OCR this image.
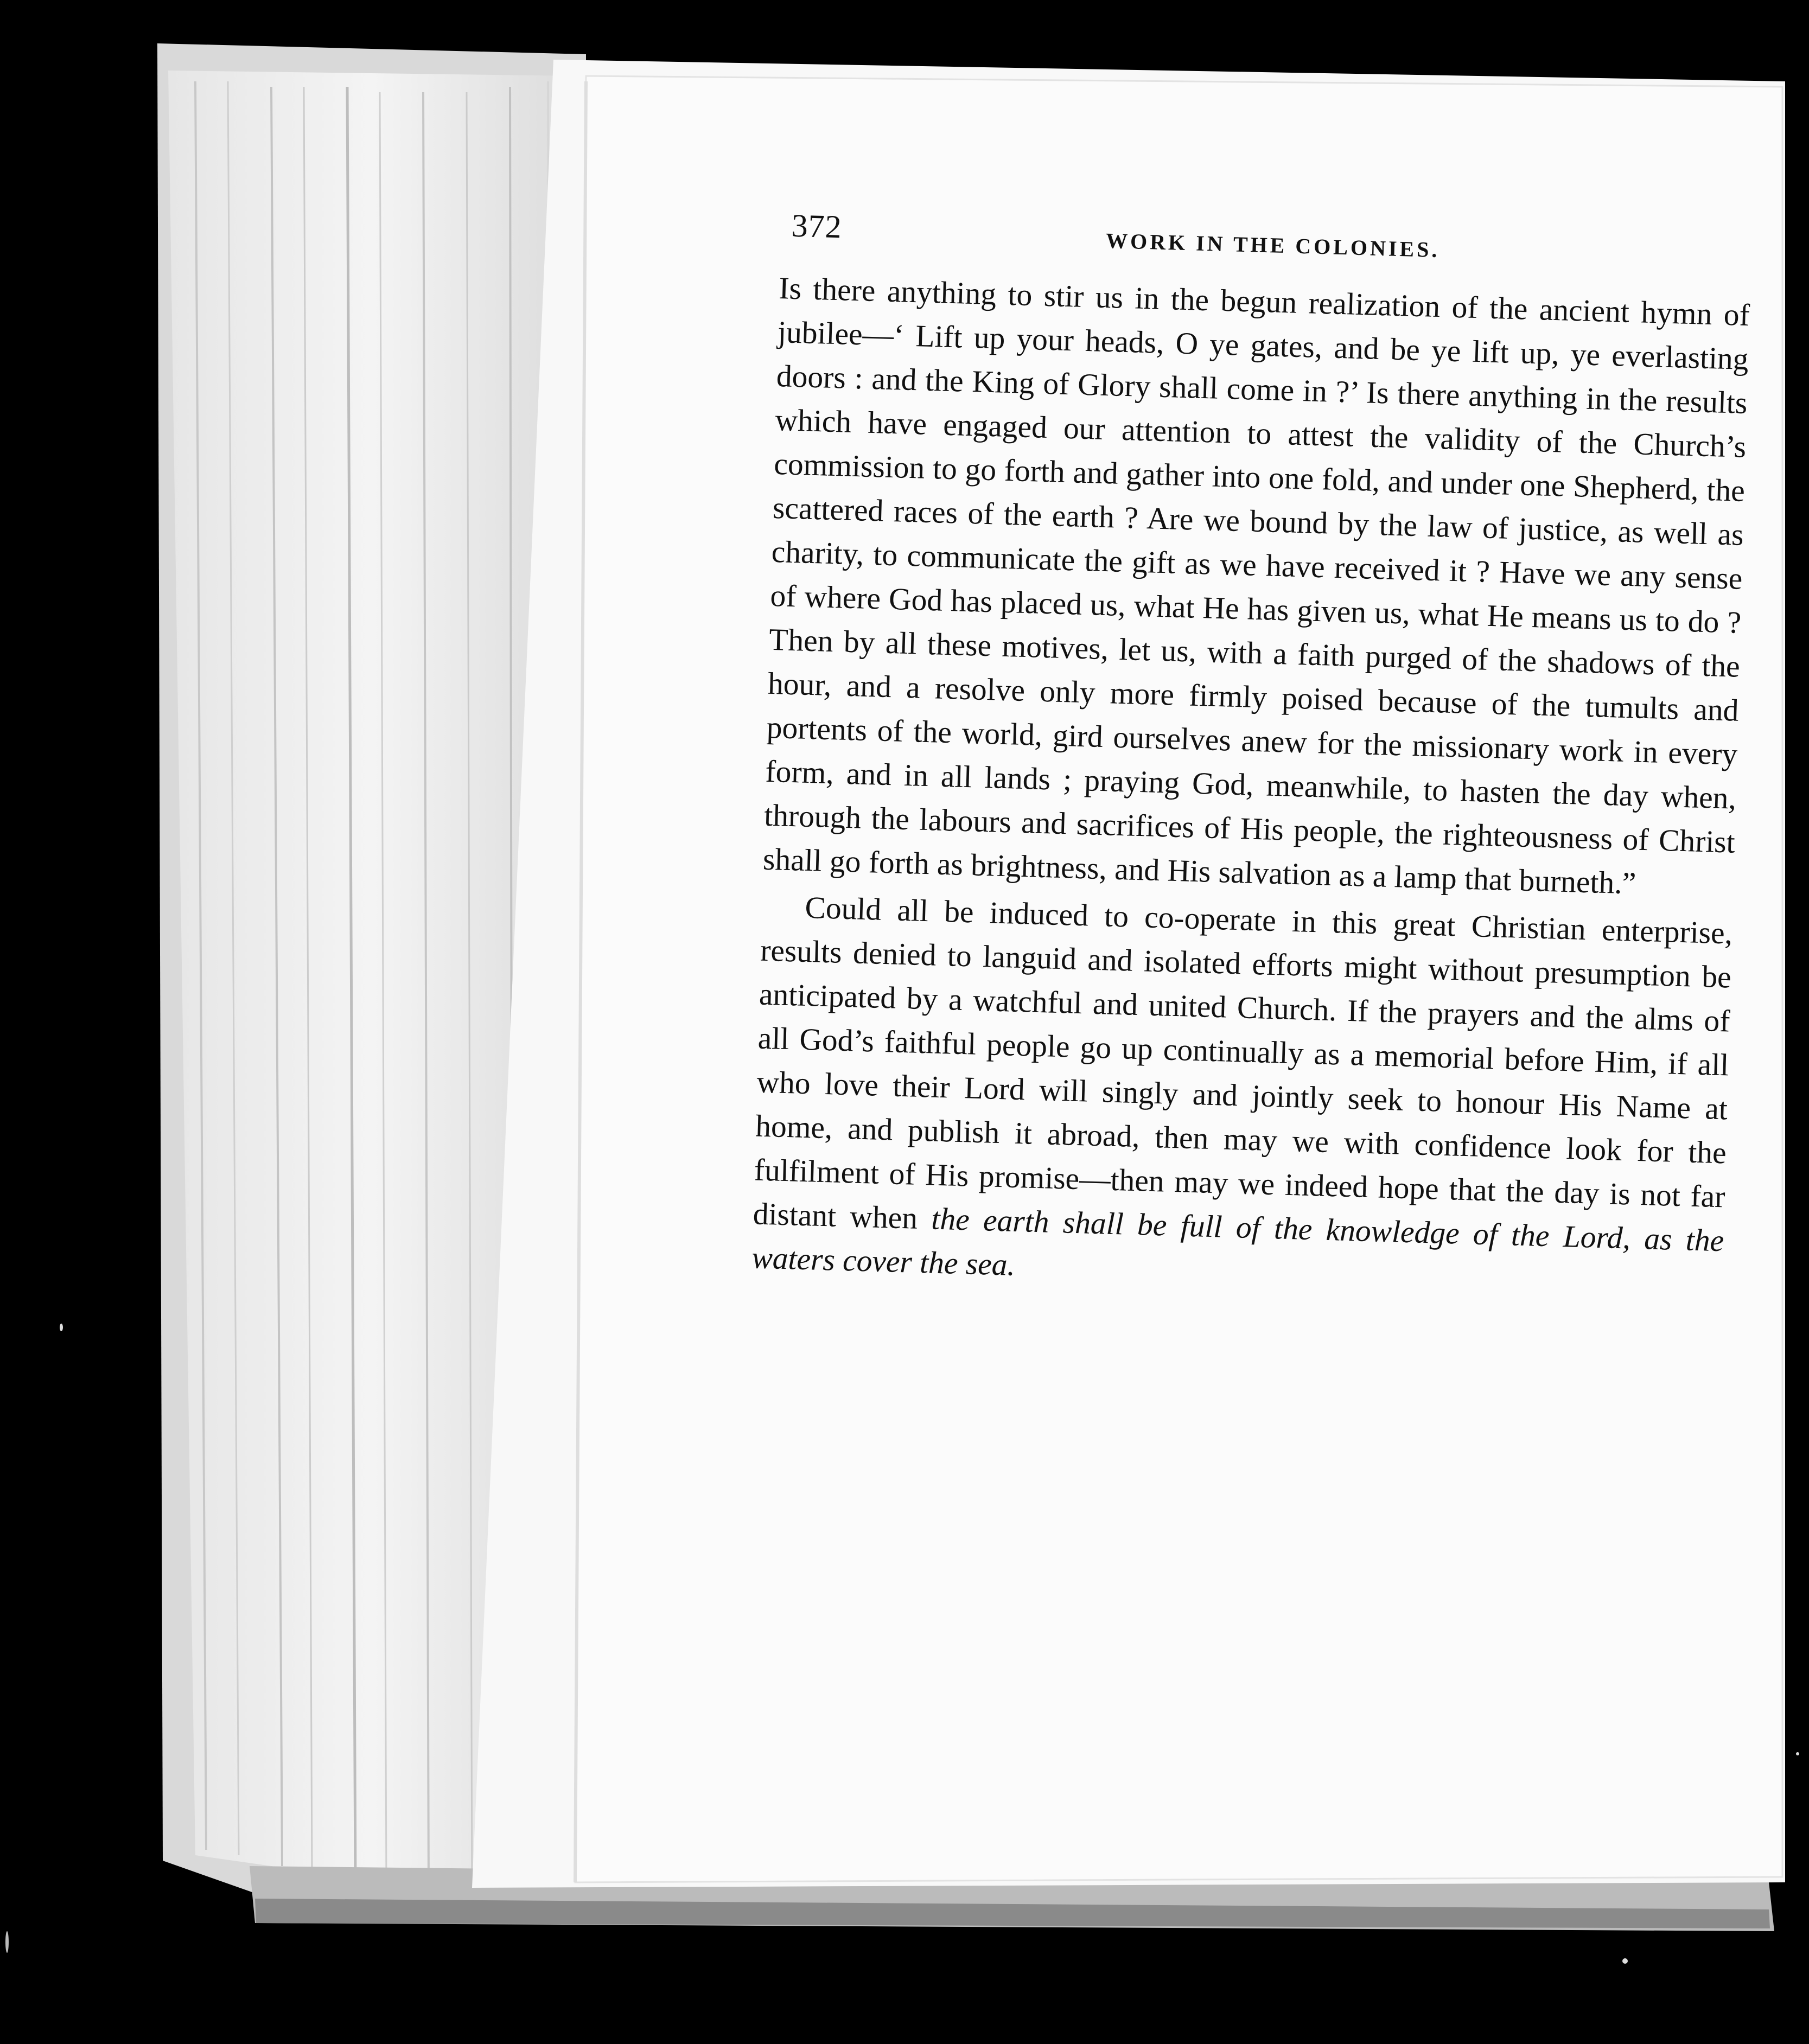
372
WORK IN THE COLONIES.

Is there anything to stir us in the begun realization of the ancient hymn of jubilee—‘ Lift up your heads, O ye gates, and be ye lift up, ye everlasting doors : and the King of Glory shall come in ?’ Is there anything in the results which have engaged our attention to attest the validity of the Church’s commission to go forth and gather into one fold, and under one Shepherd, the scattered races of the earth ? Are we bound by the law of justice, as well as charity, to communicate the gift as we have received it ? Have we any sense of where God has placed us, what He has given us, what He means us to do ? Then by all these motives, let us, with a faith purged of the shadows of the hour, and a resolve only more firmly poised because of the tumults and portents of the world, gird ourselves anew for the missionary work in every form, and in all lands ; praying God, meanwhile, to hasten the day when, through the labours and sacrifices of His people, the righteousness of Christ shall go forth as brightness, and His salvation as a lamp that burneth.”

Could all be induced to co-operate in this great Christian enterprise, results denied to languid and isolated efforts might without presumption be anticipated by a watchful and united Church. If the prayers and the alms of all God’s faithful people go up continually as a memorial before Him, if all who love their Lord will singly and jointly seek to honour His Name at home, and publish it abroad, then may we with confidence look for the fulfilment of His promise—then may we indeed hope that the day is not far distant when the earth shall be full of the knowledge of the Lord, as the waters cover the sea.
